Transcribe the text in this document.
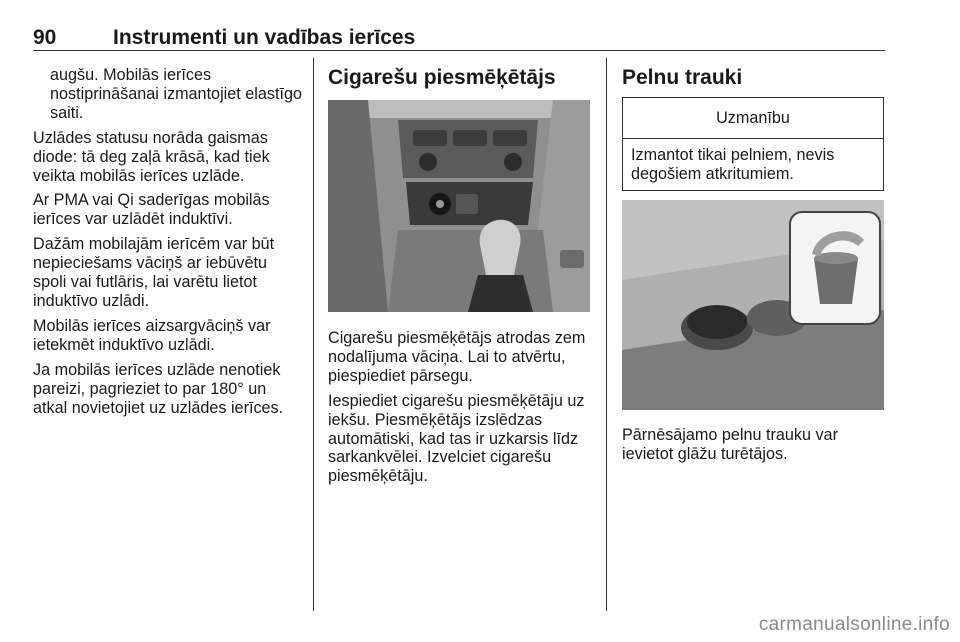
90	Instrumenti un vadības ierīces

augšu. Mobilās ierīces nostiprināšanai izmantojiet elastīgo saiti.

Uzlādes statusu norāda gaismas diode: tā deg zaļā krāsā, kad tiek veikta mobilās ierīces uzlāde.

Ar PMA vai Qi saderīgas mobilās ierīces var uzlādēt induktīvi.

Dažām mobilajām ierīcēm var būt nepieciešams vāciņš ar iebūvētu spoli vai futlāris, lai varētu lietot induktīvo uzlādi.

Mobilās ierīces aizsargvāciņš var ietekmēt induktīvo uzlādi.

Ja mobilās ierīces uzlāde nenotiek pareizi, pagrieziet to par 180° un atkal novietojiet uz uzlādes ierīces.

Cigarešu piesmēķētājs

Cigarešu piesmēķētājs atrodas zem nodalījuma vāciņa. Lai to atvērtu, piespiediet pārsegu.

Iespiediet cigarešu piesmēķētāju uz iekšu. Piesmēķētājs izslēdzas automātiski, kad tas ir uzkarsis līdz sarkankvēlei. Izvelciet cigarešu piesmēķētāju.

Pelnu trauki
Uzmanību
Izmantot tikai pelniem, nevis degošiem atkritumiem.
Pārnēsājamo pelnu trauku var ievietot glāžu turētājos.
carmanualsonline.info
